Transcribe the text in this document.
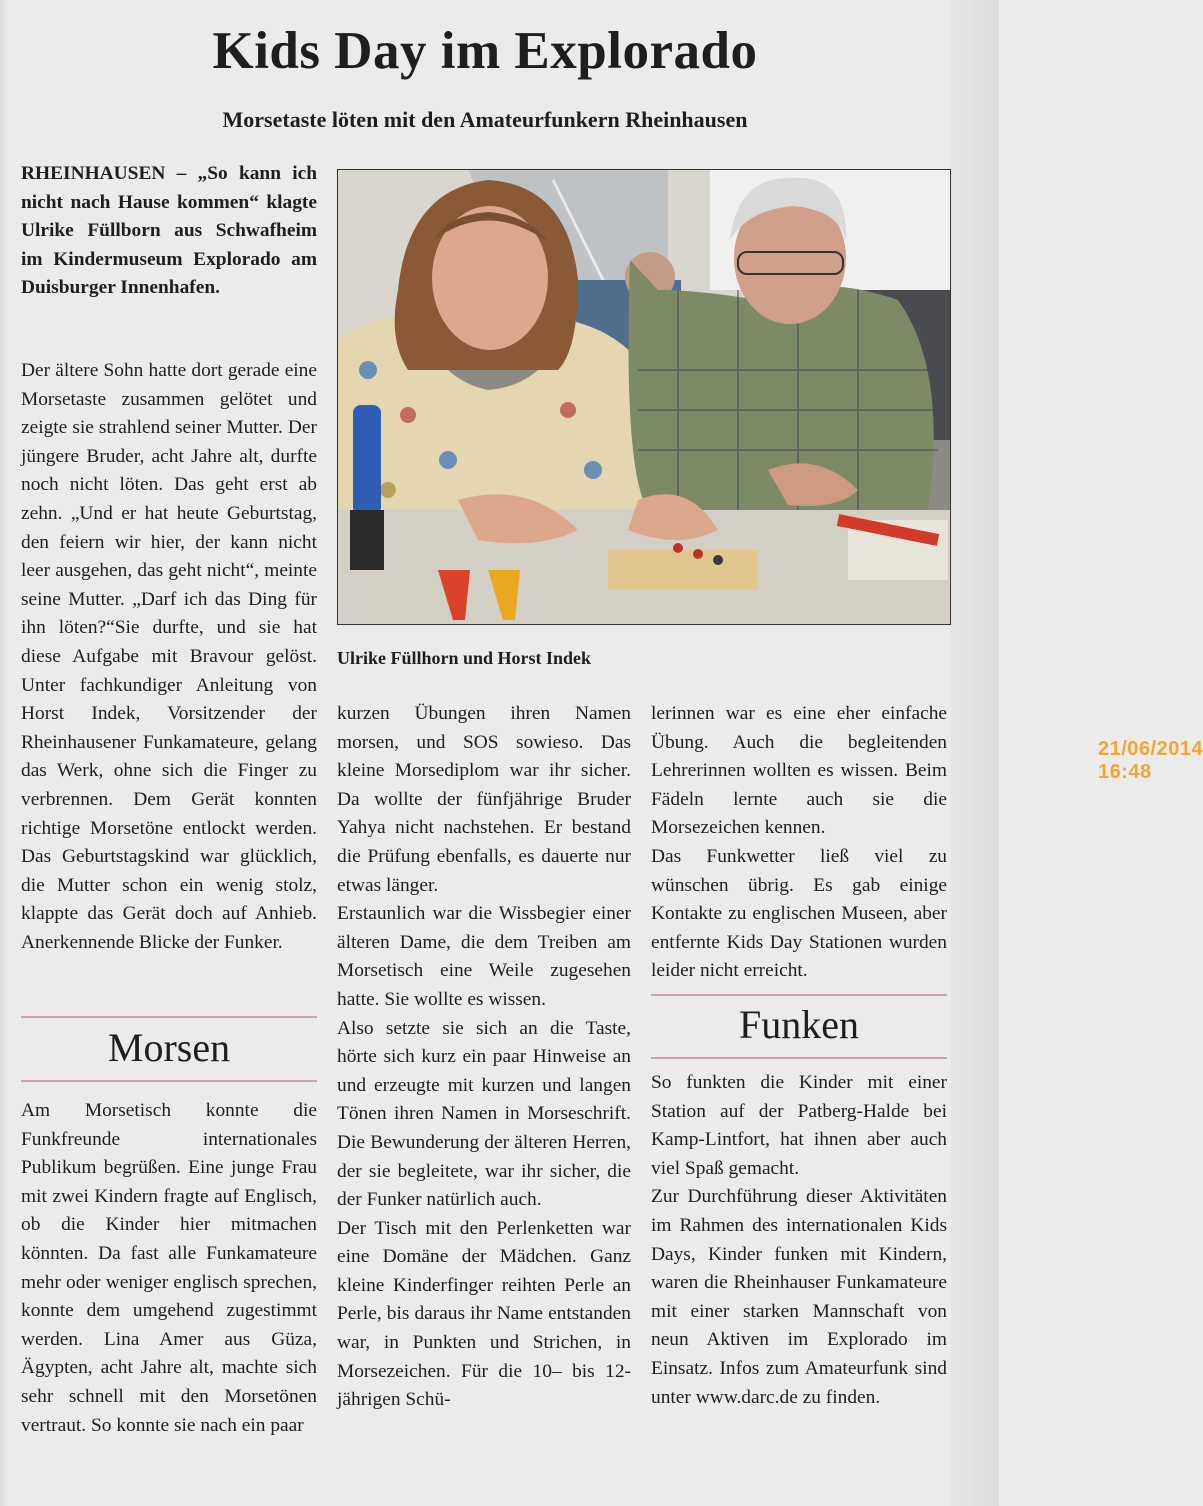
Kids Day im Explorado
Morsetaste löten mit den Amateurfunkern Rheinhausen

RHEINHAUSEN – „So kann ich nicht nach Hause kommen“ klagte Ulrike Füllborn aus Schwafheim im Kindermuseum Explorado am Duisburger Innenhafen.

Der ältere Sohn hatte dort gerade eine Morsetaste zusammen gelötet und zeigte sie strahlend seiner Mutter. Der jüngere Bruder, acht Jahre alt, durfte noch nicht löten. Das geht erst ab zehn. „Und er hat heute Geburtstag, den feiern wir hier, der kann nicht leer ausgehen, das geht nicht“, meinte seine Mutter. „Darf ich das Ding für ihn löten?“Sie durfte, und sie hat diese Aufgabe mit Bravour gelöst. Unter fachkundiger Anleitung von Horst Indek, Vorsitzender der Rheinhausener Funkamateure, gelang das Werk, ohne sich die Finger zu verbrennen. Dem Gerät konnten richtige Morsetöne entlockt werden. Das Geburtstagskind war glücklich, die Mutter schon ein wenig stolz, klappte das Gerät doch auf Anhieb. Anerkennende Blicke der Funker.

Morsen

Am Morsetisch konnte die Funkfreunde internationales Publikum begrüßen. Eine junge Frau mit zwei Kindern fragte auf Englisch, ob die Kinder hier mitmachen könnten. Da fast alle Funkamateure mehr oder weniger englisch sprechen, konnte dem umgehend zugestimmt werden. Lina Amer aus Güza, Ägypten, acht Jahre alt, machte sich sehr schnell mit den Morsetönen vertraut. So konnte sie nach ein paar

21/06/2014 16:48

Ulrike Füllhorn und Horst Indek

kurzen Übungen ihren Namen morsen, und SOS sowieso. Das kleine Morsediplom war ihr sicher. Da wollte der fünfjährige Bruder Yahya nicht nachstehen. Er bestand die Prüfung ebenfalls, es dauerte nur etwas länger.

Erstaunlich war die Wissbegier einer älteren Dame, die dem Treiben am Morsetisch eine Weile zugesehen hatte. Sie wollte es wissen.

Also setzte sie sich an die Taste, hörte sich kurz ein paar Hinweise an und erzeugte mit kurzen und langen Tönen ihren Namen in Morseschrift. Die Bewunderung der älteren Herren, der sie begleitete, war ihr sicher, die der Funker natürlich auch.

Der Tisch mit den Perlenketten war eine Domäne der Mädchen. Ganz kleine Kinderfinger reihten Perle an Perle, bis daraus ihr Name entstanden war, in Punkten und Strichen, in Morsezeichen. Für die 10– bis 12-jährigen Schü-

lerinnen war es eine eher einfache Übung. Auch die begleitenden Lehrerinnen wollten es wissen. Beim Fädeln lernte auch sie die Morsezeichen kennen.

Das Funkwetter ließ viel zu wünschen übrig. Es gab einige Kontakte zu englischen Museen, aber entfernte Kids Day Stationen wurden leider nicht erreicht.

Funken

So funkten die Kinder mit einer Station auf der Patberg-Halde bei Kamp-Lintfort, hat ihnen aber auch viel Spaß gemacht.

Zur Durchführung dieser Aktivitäten im Rahmen des internationalen Kids Days, Kinder funken mit Kindern, waren die Rheinhauser Funkamateure mit einer starken Mannschaft von neun Aktiven im Explorado im Einsatz. Infos zum Amateurfunk sind unter www.darc.de zu finden.
